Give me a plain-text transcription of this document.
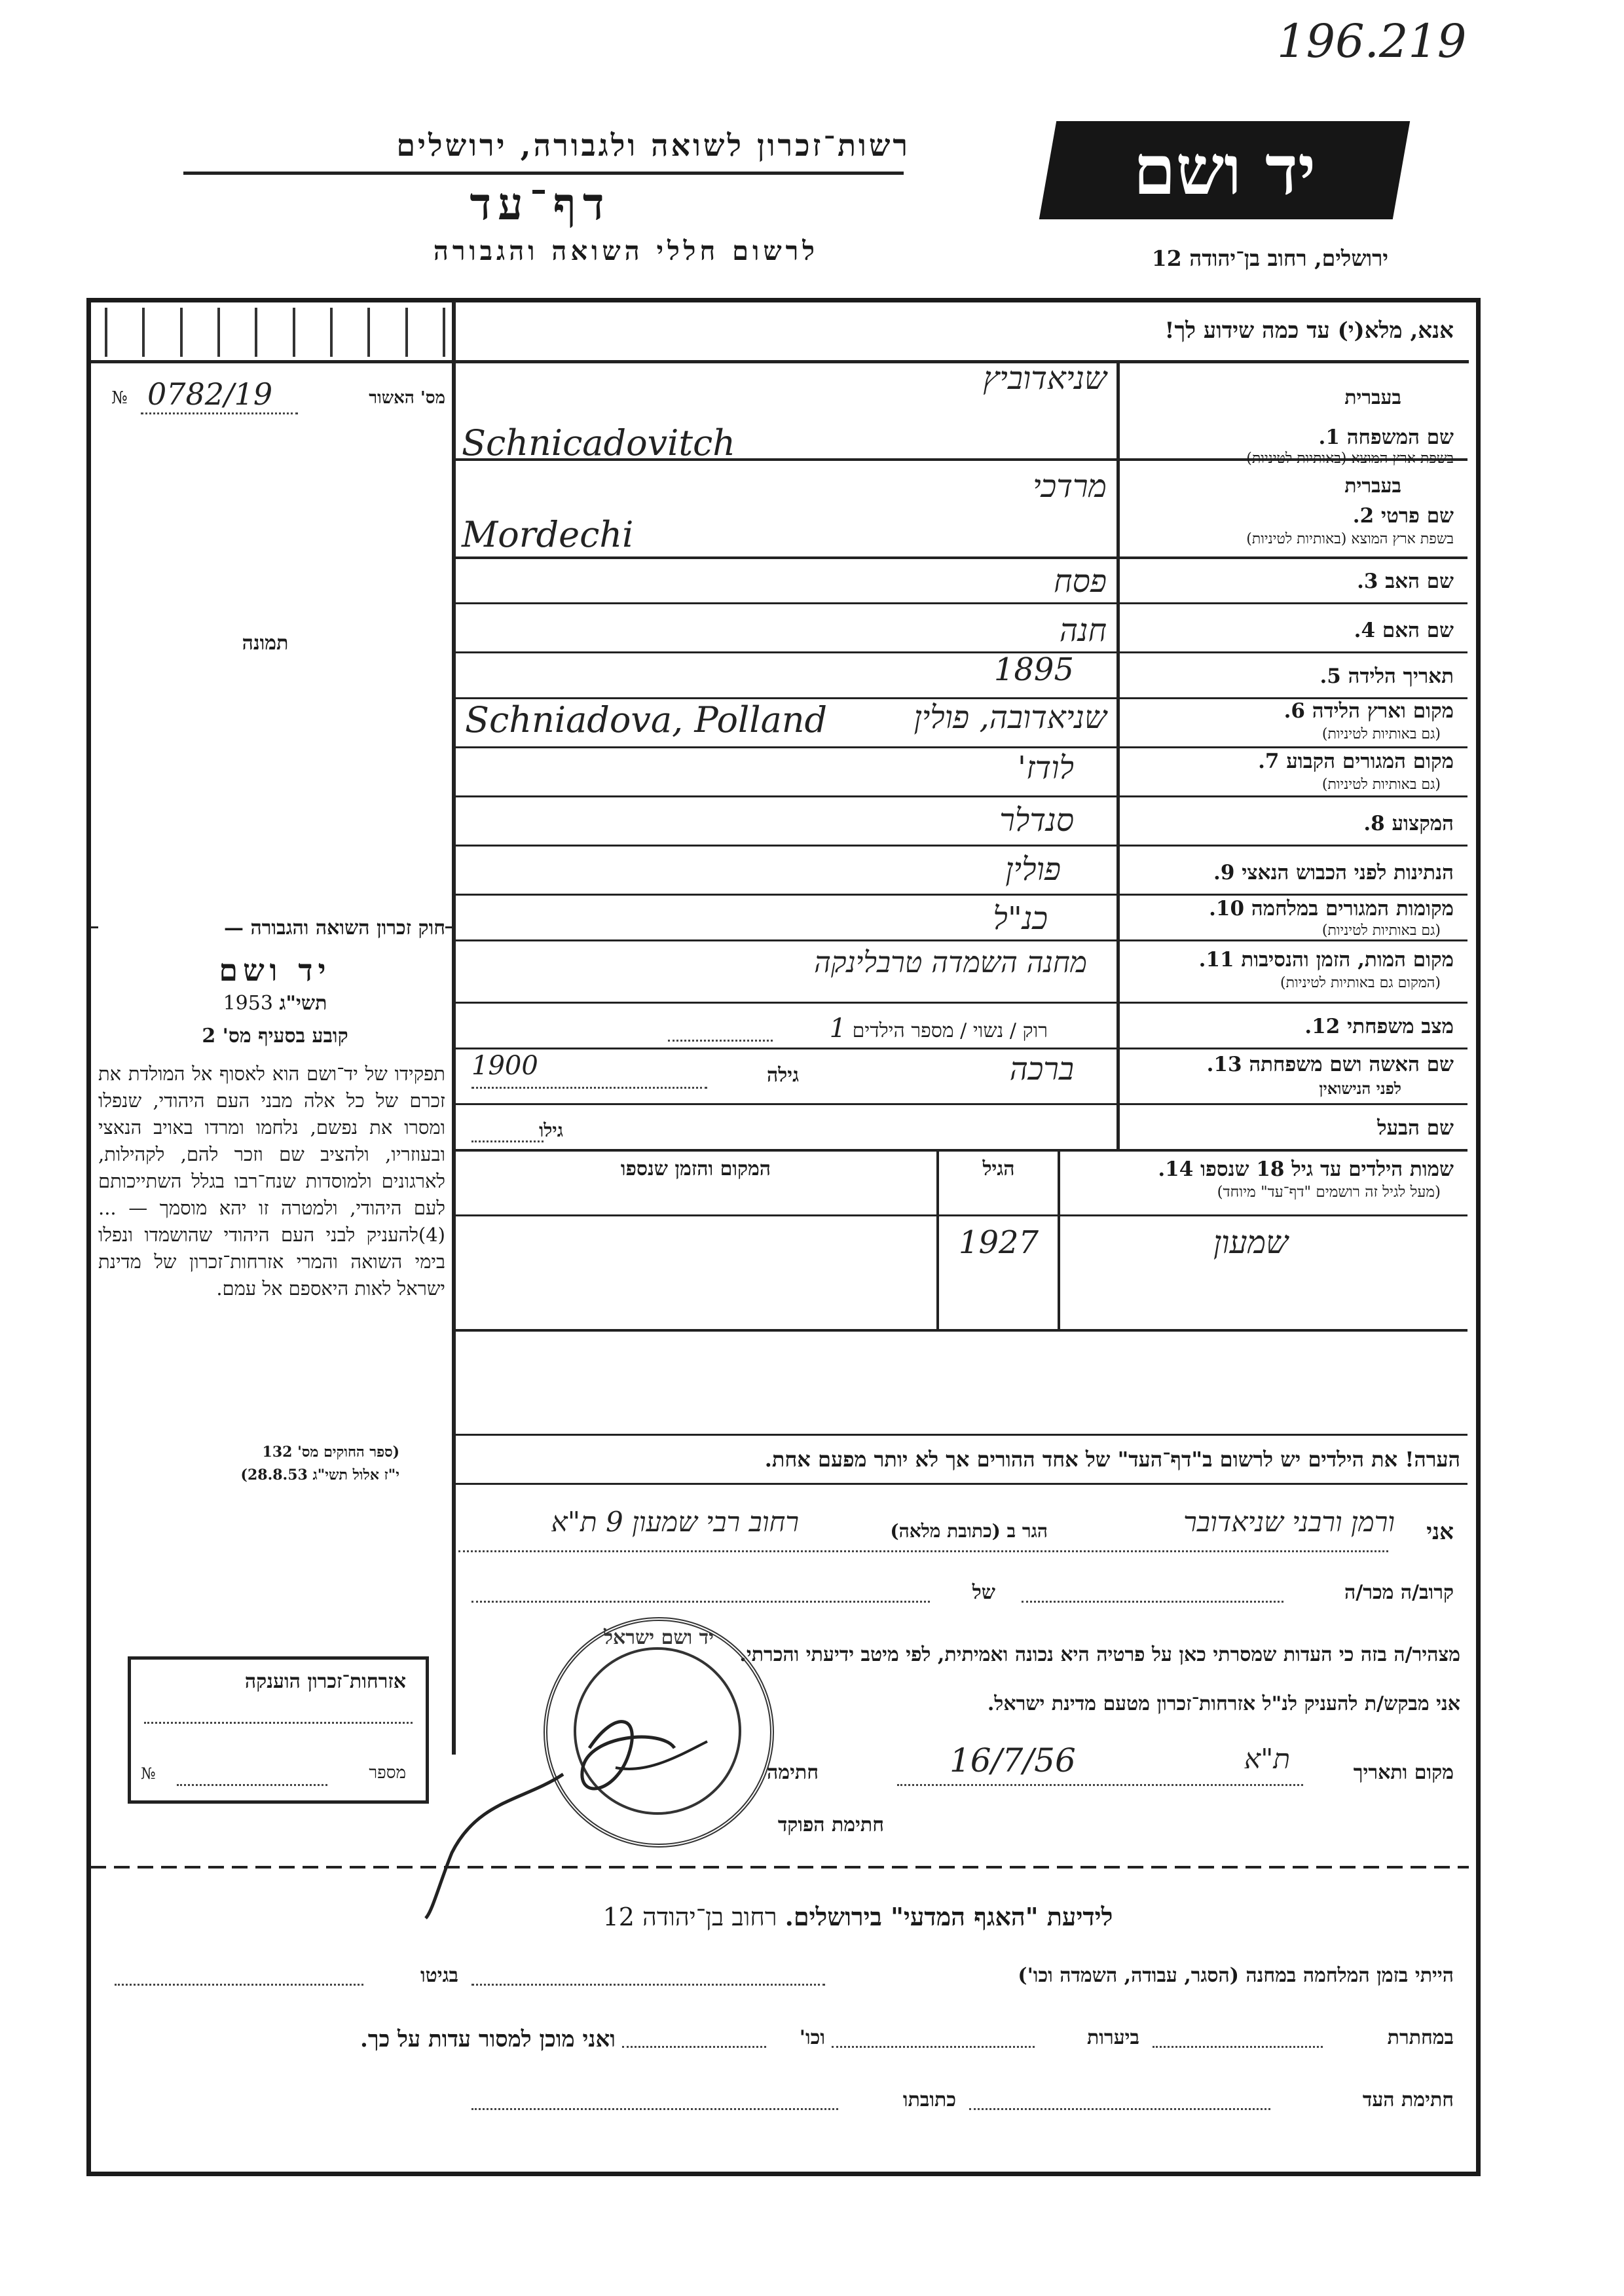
196.219
רשות־זכרון לשואה ולגבורה, ירושלים
דף־עד
לרשום חללי השואה והגבורה
יד ושם
ירושלים, רחוב בן־יהודה 12
אנא, מלא(י) עד כמה שידוע לך!
№ 0782/19	מס' האשור
תמונה
שם המשפחה 1.
בעברית
בשפת ארץ המוצא (באותיות לטיניות)
שניאדוביץ
Schnicadovitch
שם פרטי 2.
בעברית
בשפת ארץ המוצא (באותיות לטיניות)
מרדכי
Mordechi
שם האב 3.
פסח
שם האם 4.
חנה
תאריך הלידה 5.
1895
מקום וארץ הלידה 6.
(גם באותיות לטיניות)
שניאדובה, פולין
Schniadova, Polland
מקום המגורים הקבוע 7.
(גם באותיות לטיניות)
לודז'
המקצוע 8.
סנדלר
הנתינות לפני הכבוש הנאצי 9.
פולין
מקומות המגורים במלחמה 10.
(גם באותיות לטיניות)
כנ"ל
מקום המות, הזמן והנסיבות 11.
(המקום גם באותיות לטיניות)
מחנה השמדה טרבלינקה
מצב משפחתי 12.
רוק / נשוי / מספר הילדים 1
שם האשה ושם משפחתה 13.
לפני הנישואין
ברכה
גילה
1900
שם הבעל
גילו
שמות הילדים עד גיל 18 שנספו 14.
(מעל לגיל זה רושמים "דף־עד" מיוחד)
הגיל
המקום והזמן שנספו
שמעון
1927
הערה! את הילדים יש לרשום ב"דף־העד" של אחד ההורים אך לא יותר מפעם אחת.
אני
ורמן ורבני שניאדובר
הגר ב (כתובת מלאה)
רחוב רבי שמעון 9 ת"א
קרוב/ה מכר/ה
של
מצהיר/ה בזה כי העדות שמסרתי כאן על פרטיה היא נכונה ואמיתית, לפי מיטב ידיעתי והכרתי.
אני מבקש/ת להעניק לנ"ל אזרחות־זכרון מטעם מדינת ישראל.
מקום ותאריך
ת"א
16/7/56
חתימה
חתימת הפוקד
יד ושם ישראל
חוק זכרון השואה והגבורה —
יד ושם
1953 תשי"ג
קובע בסעיף מס' 2
תפקידו של יד־ושם הוא לאסוף אל המולדת את זכרם של כל אלה מבני העם היהודי, שנפלו ומסרו את נפשם, נלחמו ומרדו באויב הנאצי ובעוזריו, ולהציב שם וזכר להם, לקהילות, לארגונים ולמוסדות שנח־רבו בגלל השתייכותם לעם היהודי, ולמטרה זו יהא מוסמך — ...(4)להעניק לבני העם היהודי שהושמדו ונפלו בימי השואה והמרי אזרחות־זכרון של מדינת ישראל לאות היאספם אל עמם.
(ספר החוקים מס' 132
י"ז אלול תשי"ג 28.8.53)
אזרחות־זכרון הוענקה
№	מספר
לידיעת "האגף המדעי" בירושלים. רחוב בן־יהודה 12
הייתי בזמן המלחמה במחנה (הסגר, עבודה, השמדה וכו')
בגיטו
במחתרת
ביערות
וכו'
ואני מוכן למסור עדות על כך.
חתימת העד
כתובתו
